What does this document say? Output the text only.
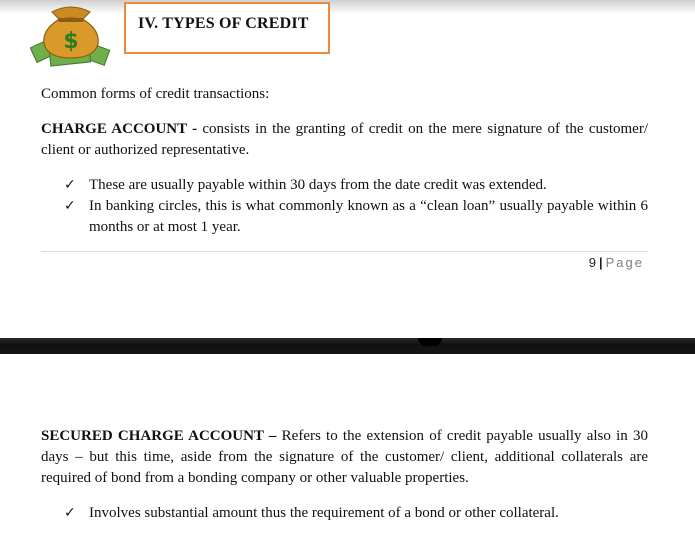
$
IV. TYPES OF CREDIT
Common forms of credit transactions:
CHARGE ACCOUNT - consists in the granting of credit on the mere signature of the customer/ client or authorized representative.
✓ These are usually payable within 30 days from the date credit was extended.
✓ In banking circles, this is what commonly known as a “clean loan” usually payable within 6 months or at most 1 year.
9 | Page
SECURED CHARGE ACCOUNT – Refers to the extension of credit payable usually also in 30 days – but this time, aside from the signature of the customer/ client, additional collaterals are required of bond from a bonding company or other valuable properties.
✓ Involves substantial amount thus the requirement of a bond or other collateral.
